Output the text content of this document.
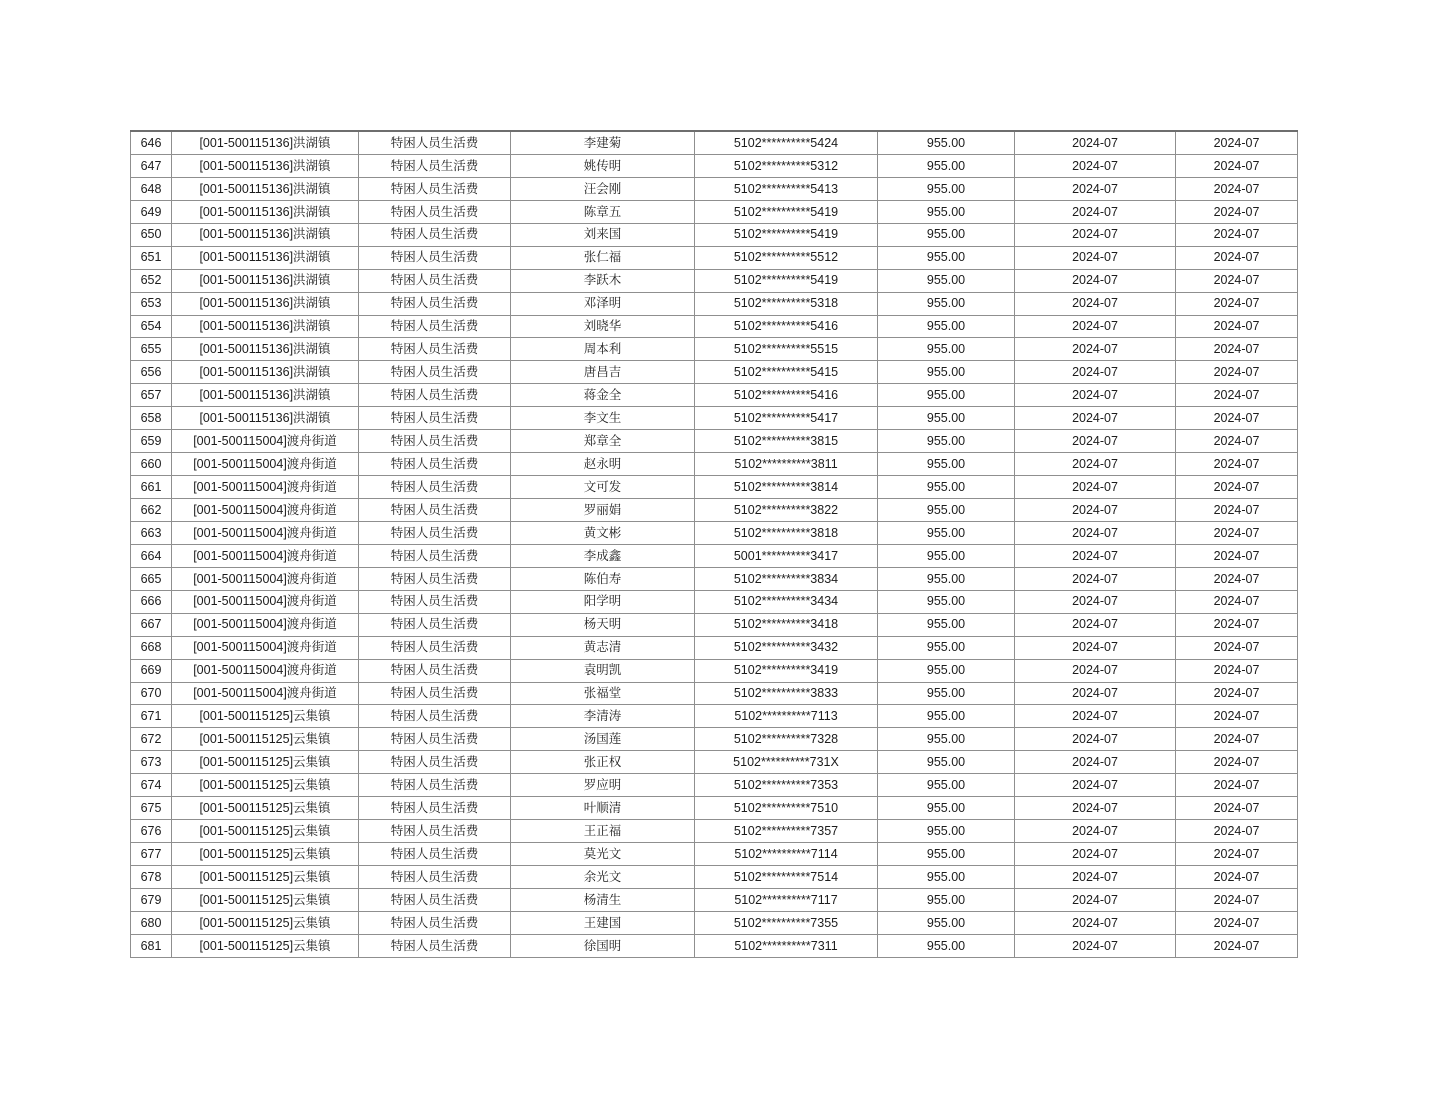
646	[001-500115136]洪湖镇	特困人员生活费	李建菊	5102**********5424	955.00	2024-07	2024-07
647	[001-500115136]洪湖镇	特困人员生活费	姚传明	5102**********5312	955.00	2024-07	2024-07
648	[001-500115136]洪湖镇	特困人员生活费	汪会刚	5102**********5413	955.00	2024-07	2024-07
649	[001-500115136]洪湖镇	特困人员生活费	陈章五	5102**********5419	955.00	2024-07	2024-07
650	[001-500115136]洪湖镇	特困人员生活费	刘来国	5102**********5419	955.00	2024-07	2024-07
651	[001-500115136]洪湖镇	特困人员生活费	张仁福	5102**********5512	955.00	2024-07	2024-07
652	[001-500115136]洪湖镇	特困人员生活费	李跃木	5102**********5419	955.00	2024-07	2024-07
653	[001-500115136]洪湖镇	特困人员生活费	邓泽明	5102**********5318	955.00	2024-07	2024-07
654	[001-500115136]洪湖镇	特困人员生活费	刘晓华	5102**********5416	955.00	2024-07	2024-07
655	[001-500115136]洪湖镇	特困人员生活费	周本利	5102**********5515	955.00	2024-07	2024-07
656	[001-500115136]洪湖镇	特困人员生活费	唐昌吉	5102**********5415	955.00	2024-07	2024-07
657	[001-500115136]洪湖镇	特困人员生活费	蒋金全	5102**********5416	955.00	2024-07	2024-07
658	[001-500115136]洪湖镇	特困人员生活费	李文生	5102**********5417	955.00	2024-07	2024-07
659	[001-500115004]渡舟街道	特困人员生活费	郑章全	5102**********3815	955.00	2024-07	2024-07
660	[001-500115004]渡舟街道	特困人员生活费	赵永明	5102**********3811	955.00	2024-07	2024-07
661	[001-500115004]渡舟街道	特困人员生活费	文可发	5102**********3814	955.00	2024-07	2024-07
662	[001-500115004]渡舟街道	特困人员生活费	罗丽娟	5102**********3822	955.00	2024-07	2024-07
663	[001-500115004]渡舟街道	特困人员生活费	黄文彬	5102**********3818	955.00	2024-07	2024-07
664	[001-500115004]渡舟街道	特困人员生活费	李成鑫	5001**********3417	955.00	2024-07	2024-07
665	[001-500115004]渡舟街道	特困人员生活费	陈伯寿	5102**********3834	955.00	2024-07	2024-07
666	[001-500115004]渡舟街道	特困人员生活费	阳学明	5102**********3434	955.00	2024-07	2024-07
667	[001-500115004]渡舟街道	特困人员生活费	杨天明	5102**********3418	955.00	2024-07	2024-07
668	[001-500115004]渡舟街道	特困人员生活费	黄志清	5102**********3432	955.00	2024-07	2024-07
669	[001-500115004]渡舟街道	特困人员生活费	袁明凯	5102**********3419	955.00	2024-07	2024-07
670	[001-500115004]渡舟街道	特困人员生活费	张福堂	5102**********3833	955.00	2024-07	2024-07
671	[001-500115125]云集镇	特困人员生活费	李清涛	5102**********7113	955.00	2024-07	2024-07
672	[001-500115125]云集镇	特困人员生活费	汤国莲	5102**********7328	955.00	2024-07	2024-07
673	[001-500115125]云集镇	特困人员生活费	张正权	5102**********731X	955.00	2024-07	2024-07
674	[001-500115125]云集镇	特困人员生活费	罗应明	5102**********7353	955.00	2024-07	2024-07
675	[001-500115125]云集镇	特困人员生活费	叶顺清	5102**********7510	955.00	2024-07	2024-07
676	[001-500115125]云集镇	特困人员生活费	王正福	5102**********7357	955.00	2024-07	2024-07
677	[001-500115125]云集镇	特困人员生活费	莫光文	5102**********7114	955.00	2024-07	2024-07
678	[001-500115125]云集镇	特困人员生活费	余光文	5102**********7514	955.00	2024-07	2024-07
679	[001-500115125]云集镇	特困人员生活费	杨清生	5102**********7117	955.00	2024-07	2024-07
680	[001-500115125]云集镇	特困人员生活费	王建国	5102**********7355	955.00	2024-07	2024-07
681	[001-500115125]云集镇	特困人员生活费	徐国明	5102**********7311	955.00	2024-07	2024-07
